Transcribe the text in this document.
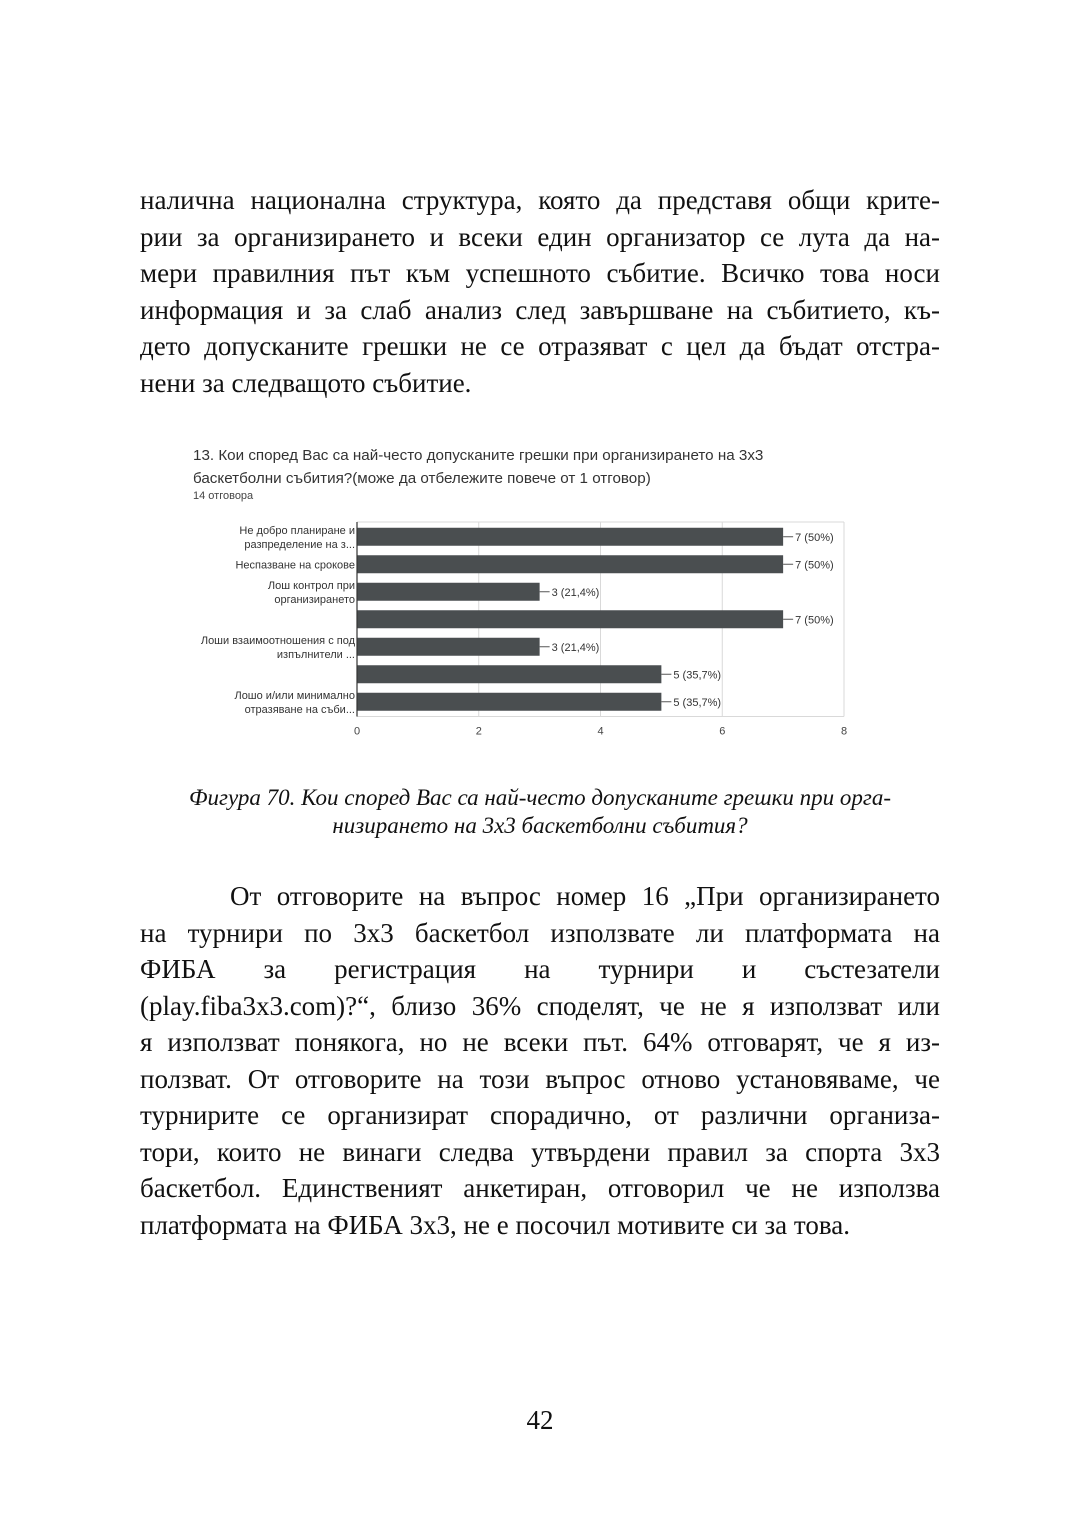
налична национална структура, която да представя общи крите-
рии за организирането и всеки един организатор се лута да на-
мери правилния път към успешното събитие. Всичко това носи
информация и за слаб анализ след завършване на събитието, къ-
дето допусканите грешки не се отразяват с цел да бъдат отстра-
нени за следващото събитие.

13. Кои според Вас са най-често допусканите грешки при организирането на 3х3
баскетболни събития?(може да отбележите повече от 1 отговор)
14 отговора
7 (50%)
Не добро планиране и
разпределение на з...
7 (50%)
Неспазване на срокове
3 (21,4%)
Лош контрол при
организирането
7 (50%)
3 (21,4%)
Лоши взаимоотношения с под
изпълнители ...
5 (35,7%)
5 (35,7%)
Лошо и/или минимално
отразяване на съби...
0	2	4	6	8

Фигура 70. Кои според Вас са най-често допусканите грешки при орга-
низирането на 3х3 баскетболни събития?

От отговорите на въпрос номер 16 „При организирането
на турнири по 3х3 баскетбол използвате ли платформата на
ФИБА за регистрация на турнири и състезатели
(play.fiba3x3.com)?“, близо 36% споделят, че не я използват или
я използват понякога, но не всеки път. 64% отговарят, че я из-
ползват. От отговорите на този въпрос отново установяваме, че
турнирите се организират спорадично, от различни организа-
тори, които не винаги следва утвърдени правил за спорта 3х3
баскетбол. Единственият анкетиран, отговорил че не използва
платформата на ФИБА 3х3, не е посочил мотивите си за това.

42
